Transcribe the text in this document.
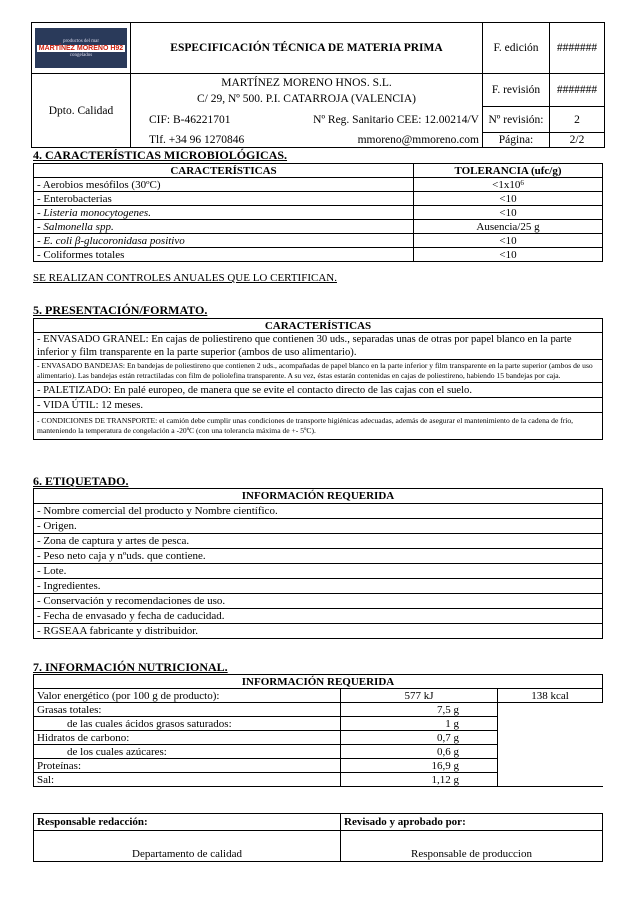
productos del mar
MARTÍNEZ MORENO H92
congelados	ESPECIFICACIÓN TÉCNICA DE MATERIA PRIMA		F. edición	#######
Dpto. Calidad	MARTÍNEZ MORENO HNOS. S.L.		F. revisión	#######
	C/ 29, Nº 500. P.I. CATARROJA (VALENCIA)			
	CIF: B-46221701	Nº Reg. Sanitario CEE: 12.00214/V	Nº revisión:	2
	Tlf. +34 96 1270846	mmoreno@mmoreno.com	Página:	2/2
4. CARACTERÍSTICAS MICROBIOLÓGICAS.
CARACTERÍSTICAS	TOLERANCIA (ufc/g)
- Aerobios mesófilos (30ºC)	$<1x10^6$
- Enterobacterias	<10
- Listeria monocytogenes.	<10
- Salmonella spp.	Ausencia/25 g
- E. coli β-glucoronidasa positivo	<10
- Coliformes totales	<10
SE REALIZAN CONTROLES ANUALES QUE LO CERTIFICAN.
5. PRESENTACIÓN/FORMATO.
CARACTERÍSTICAS
- ENVASADO GRANEL: En cajas de poliestireno que contienen 30 uds., separadas unas de otras por papel blanco en la parte inferior y film transparente en la parte superior (ambos de uso alimentario).
- ENVASADO BANDEJAS: En bandejas de poliestireno que contienen 2 uds., acompañadas de papel blanco en la parte inferior y film transparente en la parte superior (ambos de uso alimentario). Las bandejas están retractiladas con film de poliolefina transparente. A su vez, éstas estarán contenidas en cajas de poliestireno, habiendo 15 bandejas por caja.
- PALETIZADO: En palé europeo, de manera que se evite el contacto directo de las cajas con el suelo.
- VIDA ÚTIL: 12 meses.
- CONDICIONES DE TRANSPORTE: el camión debe cumplir unas condiciones de transporte higiénicas adecuadas, además de asegurar el mantenimiento de la cadena de frío, manteniendo la temperatura de congelación a -20ºC (con una tolerancia máxima de +- 5ºC).
6. ETIQUETADO.
INFORMACIÓN REQUERIDA
- Nombre comercial del producto y Nombre científico.
- Origen.
- Zona de captura y artes de pesca.
- Peso neto caja y nºuds. que contiene.
- Lote.
- Ingredientes.
- Conservación y recomendaciones de uso.
- Fecha de envasado y fecha de caducidad.
- RGSEAA fabricante y distribuidor.
7. INFORMACIÓN NUTRICIONAL.
INFORMACIÓN REQUERIDA		
Valor energético (por 100 g de producto):	577 kJ	138 kcal
Grasas totales:	7,5 g	
de las cuales ácidos grasos saturados:	1 g	
Hidratos de carbono:	0,7 g	
de los cuales azúcares:	0,6 g	
Proteínas:	16,9 g	
Sal:	1,12 g	
Responsable redacción:	Revisado y aprobado por:
Departamento de calidad	Responsable de produccion
